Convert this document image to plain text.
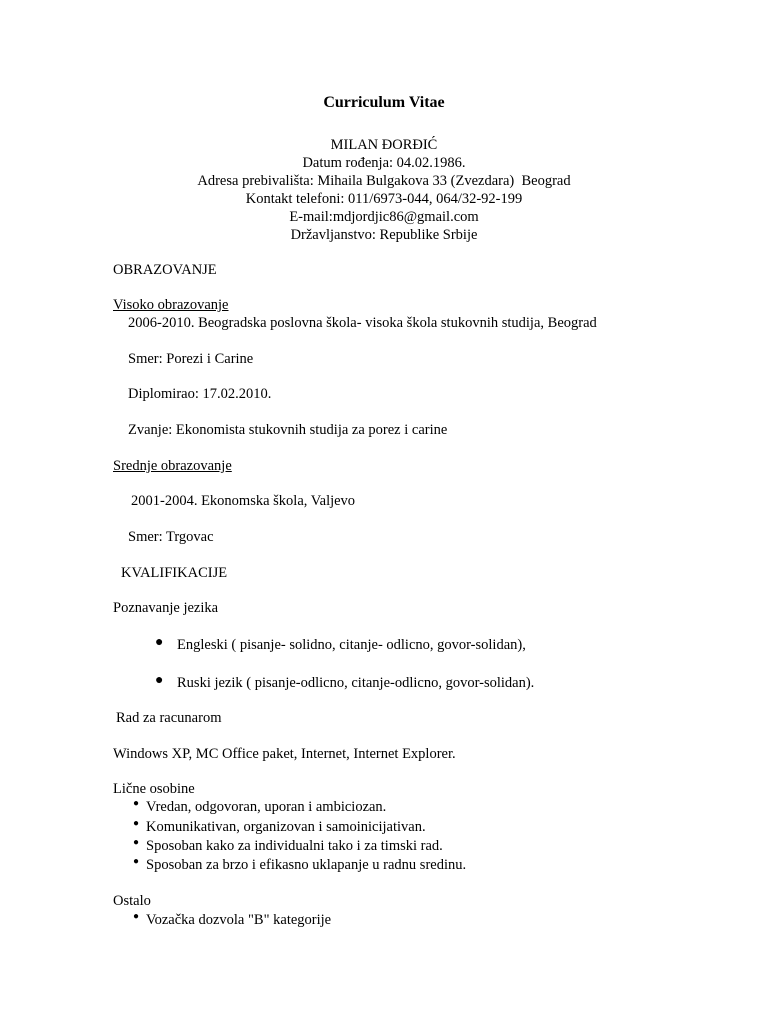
Curriculum Vitae
MILAN ĐORĐIĆ
Datum rođenja: 04.02.1986.
Adresa prebivališta: Mihaila Bulgakova 33 (Zvezdara)  Beograd
Kontakt telefoni: 011/6973-044, 064/32-92-199
E-mail:mdjordjic86@gmail.com
Državljanstvo: Republike Srbije
OBRAZOVANJE
Visoko obrazovanje
2006-2010. Beogradska poslovna škola- visoka škola stukovnih studija, Beograd
Smer: Porezi i Carine
Diplomirao: 17.02.2010.
Zvanje: Ekonomista stukovnih studija za porez i carine
Srednje obrazovanje
2001-2004. Ekonomska škola, Valjevo
Smer: Trgovac
KVALIFIKACIJE
Poznavanje jezika
● Engleski ( pisanje- solidno, citanje- odlicno, govor-solidan),
● Ruski jezik ( pisanje-odlicno, citanje-odlicno, govor-solidan).
Rad za racunarom
Windows XP, MC Office paket, Internet, Internet Explorer.
Lične osobine
● Vredan, odgovoran, uporan i ambiciozan.
● Komunikativan, organizovan i samoinicijativan.
● Sposoban kako za individualni tako i za timski rad.
● Sposoban za brzo i efikasno uklapanje u radnu sredinu.
Ostalo
● Vozačka dozvola "B" kategorije
